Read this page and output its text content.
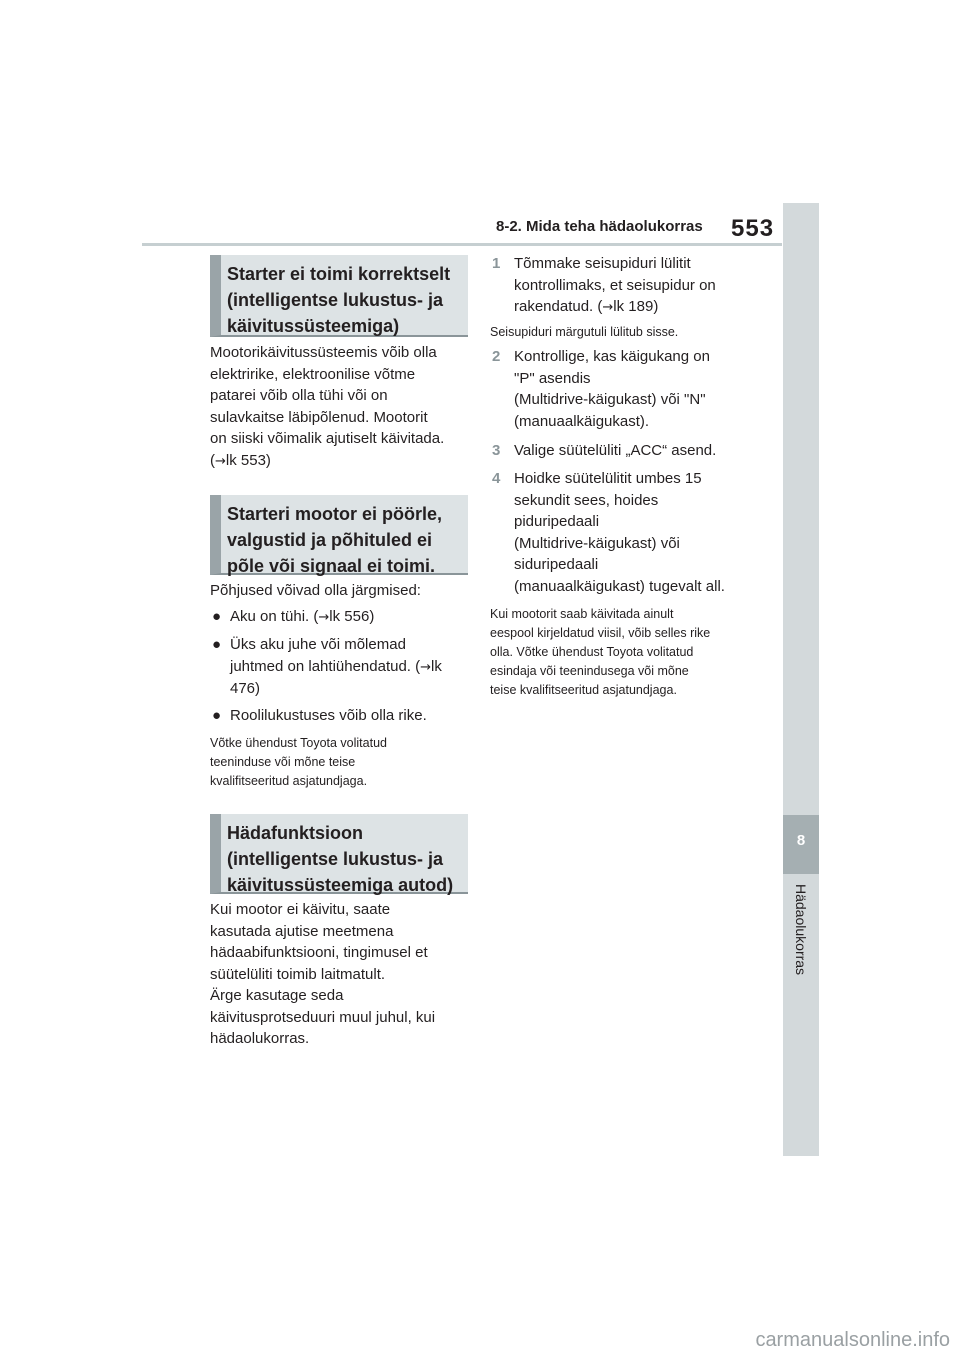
8-2. Mida teha hädaolukorras 553
8
Hädaolukorras
Starter ei toimi korrektselt
(intelligentse lukustus- ja
käivitussüsteemiga)
Mootorikäivitussüsteemis võib olla
elektririke, elektroonilise võtme
patarei võib olla tühi või on
sulavkaitse läbipõlenud. Mootorit
on siiski võimalik ajutiselt käivitada.
(→lk 553)
Starteri mootor ei pöörle,
valgustid ja põhituled ei
põle või signaal ei toimi.
Põhjused võivad olla järgmised:
● Aku on tühi. (→lk 556)
● Üks aku juhe või mõlemad
juhtmed on lahtiühendatud. (→lk
476)
● Roolilukustuses võib olla rike.
Võtke ühendust Toyota volitatud
teeninduse või mõne teise
kvalifitseeritud asjatundjaga.
Hädafunktsioon
(intelligentse lukustus- ja
käivitussüsteemiga autod)
Kui mootor ei käivitu, saate
kasutada ajutise meetmena
hädaabifunktsiooni, tingimusel et
süütelüliti toimib laitmatult.
Ärge kasutage seda
käivitusprotseduuri muul juhul, kui
hädaolukorras.
1 Tõmmake seisupiduri lülitit
kontrollimaks, et seisupidur on
rakendatud. (→lk 189)
Seisupiduri märgutuli lülitub sisse.
2 Kontrollige, kas käigukang on
"P" asendis
(Multidrive-käigukast) või "N"
(manuaalkäigukast).
3 Valige süütelüliti „ACC“ asend.
4 Hoidke süütelülitit umbes 15
sekundit sees, hoides
piduripedaali
(Multidrive-käigukast) või
siduripedaali
(manuaalkäigukast) tugevalt all.
Kui mootorit saab käivitada ainult
eespool kirjeldatud viisil, võib selles rike
olla. Võtke ühendust Toyota volitatud
esindaja või teenindusega või mõne
teise kvalifitseeritud asjatundjaga.
carmanualsonline.info
